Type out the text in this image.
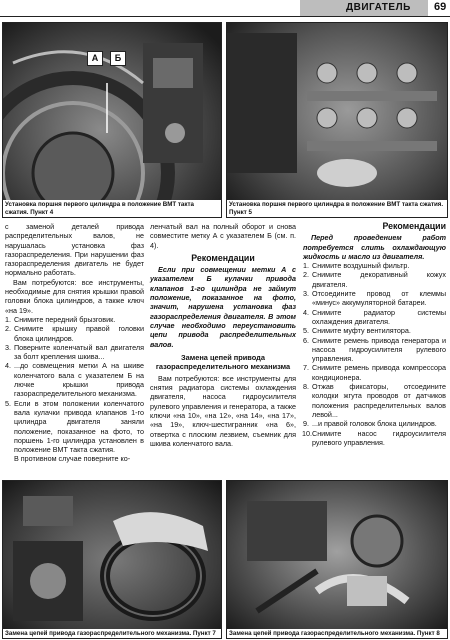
ДВИГАТЕЛЬ 69
А	Б
Установка поршня первого цилиндра в положение ВМТ такта сжатия. Пункт 4
Установка поршня первого цилиндра в положение ВМТ такта сжатия. Пункт 5

с заменой деталей привода распределительных валов, не нарушалась установка фаз газораспределения. При нарушении фаз газораспределения двигатель не будет нормально работать.

Вам потребуются: все инструменты, необходимые для снятия крышки правой головки блока цилиндров, а также ключ «на 19».

1. Снимите передний брызговик.
2. Снимите крышку правой головки блока цилиндров.
3. Поверните коленчатый вал двигателя за болт крепления шкива...
4. ...до совмещения метки А на шкиве коленчатого вала с указателем Б на лючке крышки привода газораспределительного механизма.
5. Если в этом положении коленчатого вала кулачки привода клапанов 1-го цилиндра двигателя заняли положение, показанное на фото, то поршень 1-го цилиндра установлен в положение ВМТ такта сжатия.
В противном случае поверните ко-

ленчатый вал на полный оборот и снова совместите метку А с указателем Б (см. п. 4).

Рекомендации

Если при совмещении метки А с указателем Б кулачки привода клапанов 1-го цилиндра не займут положение, показанное на фото, значит, нарушена установка фаз газораспределения двигателя. В этом случае необходимо переустановить цепи привода распределительных валов.

Замена цепей привода газораспределительного механизма

Вам потребуются: все инструменты для снятия радиатора системы охлаждения двигателя, насоса гидроусилителя рулевого управления и генератора, а также ключи «на 10», «на 12», «на 14», «на 17», «на 19», ключ-шестигранник «на 6», отвертка с плоским лезвием, съемник для шкива коленчатого вала.

Рекомендации

Перед проведением работ потребуется слить охлаждающую жидкость и масло из двигателя.

1. Снимите воздушный фильтр.
2. Снимите декоративный кожух двигателя.
3. Отсоедините провод от клеммы «минус» аккумуляторной батареи.
4. Снимите радиатор системы охлаждения двигателя.
5. Снимите муфту вентилятора.
6. Снимите ремень привода генератора и насоса гидроусилителя рулевого управления.
7. Снимите ремень привода компрессора кондиционера.
8. Отжав фиксаторы, отсоедините колодки жгута проводов от датчиков положения распределительных валов левой...
9. ...и правой головок блока цилиндров.
10. Снимите насос гидроусилителя рулевого управления.
Замена цепей привода газораспределительного механизма. Пункт 7	Замена цепей привода газораспределительного механизма. Пункт 8
